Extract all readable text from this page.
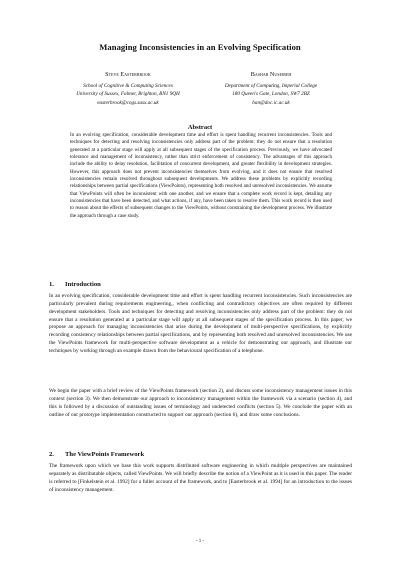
Managing Inconsistencies in an Evolving Specification
Steve Easterbrook
School of Cognitive & Computing Sciences
University of Sussex, Falmer, Brighton, BN1 9QH
easterbrook@cogs.susx.ac.uk
Bashar Nuseibeh
Department of Computing, Imperial College
180 Queen's Gate, London, SW7 2BZ
ban@doc.ic.ac.uk
Abstract

In an evolving specification, considerable development time and effort is spent handling recurrent inconsistencies. Tools and techniques for detecting and resolving inconsistencies only address part of the problem: they do not ensure that a resolution generated at a particular stage will apply at all subsequent stages of the specification process. Previously, we have advocated tolerance and management of inconsistency, rather than strict enforcement of consistency. The advantages of this approach include the ability to delay resolution, facilitation of concurrent development, and greater flexibility in development strategies. However, this approach does not prevent inconsistencies themselves from evolving, and it does not ensure that resolved inconsistencies remain resolved throughout subsequent developments. We address these problems by explicitly recording relationships between partial specifications (ViewPoints), representing both resolved and unresolved inconsistencies. We assume that ViewPoints will often be inconsistent with one another, and we ensure that a complete work record is kept, detailing any inconsistencies that have been detected, and what actions, if any, have been taken to resolve them. This work record is then used to reason about the effects of subsequent changes to the ViewPoints, without constraining the development process. We illustrate the approach through a case study.

1. Introduction

In an evolving specification, considerable development time and effort is spent handling recurrent inconsistencies. Such inconsistencies are particularly prevalent during requirements engineering,, when conflicting and contradictory objectives are often required by different development stakeholders. Tools and techniques for detecting and resolving inconsistencies only address part of the problem: they do not ensure that a resolution generated at a particular stage will apply at all subsequent stages of the specification process. In this paper, we propose an approach for managing inconsistencies that arise during the development of multi-perspective specifications, by explicitly recording consistency relationships between partial specifications, and by representing both resolved and unresolved inconsistencies. We use the ViewPoints framework for multi-perspective software development as a vehicle for demonstrating our approach, and illustrate our techniques by working through an example drawn from the behavioural specification of a telephone.

We begin the paper with a brief review of the ViewPoints framework (section 2), and discuss some inconsistency management issues in this context (section 3). We then demonstrate our approach to inconsistency management within the framework via a scenario (section 4), and this is followed by a discussion of outstanding issues of terminology and undetected conflicts (section 5). We conclude the paper with an outline of our prototype implementation constructed to support our approach (section 6), and draw some conclusions.

2. The ViewPoints Framework

The framework upon which we base this work supports distributed software engineering in which multiple perspectives are maintained separately as distributable objects, called ViewPoints. We will briefly describe the notion of a ViewPoint as it is used in this paper. The reader is referred to [Finkelstein et al. 1992] for a fuller account of the framework, and to [Easterbrook et al. 1994] for an introduction to the issues of inconsistency management.

- 1 -
